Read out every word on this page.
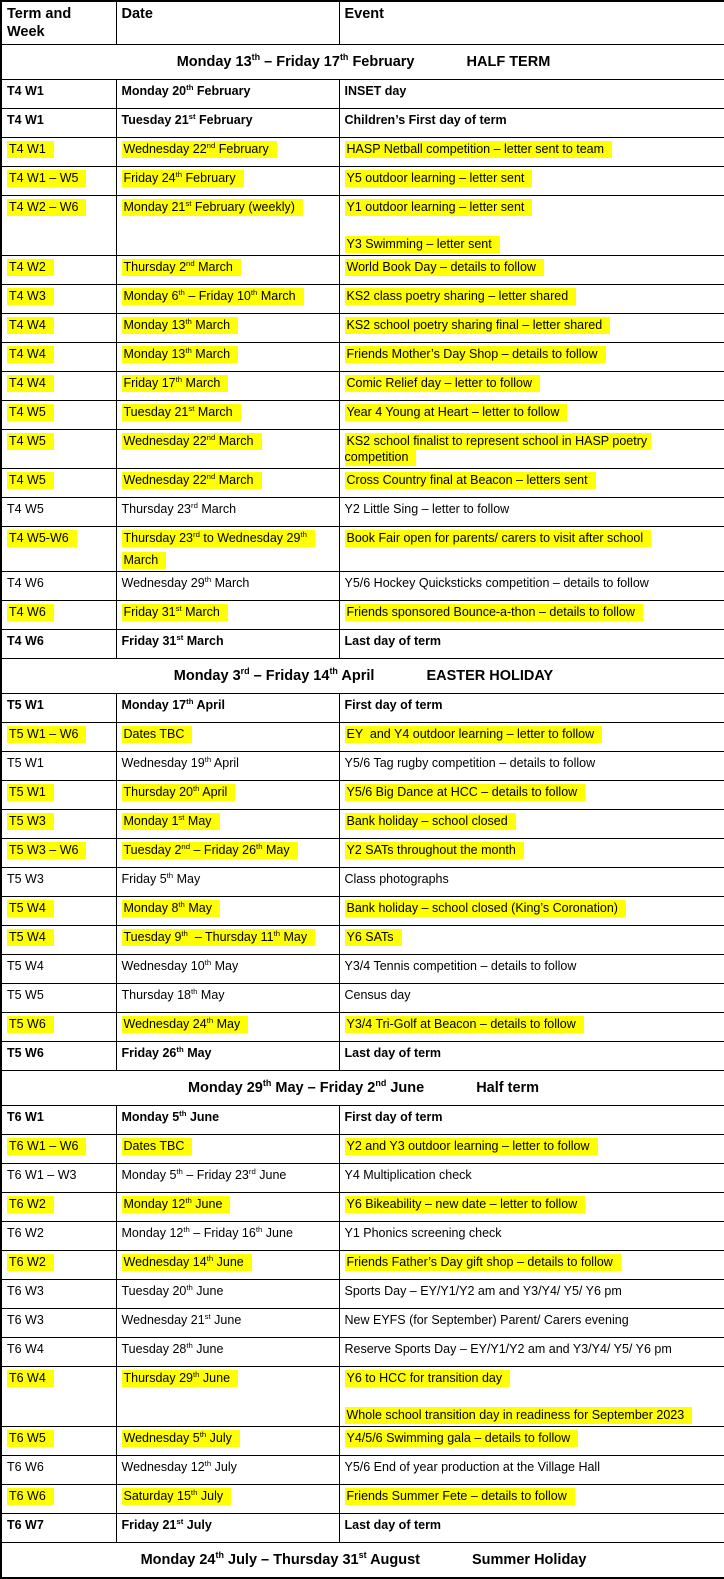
Term and Week	Date	Event
Monday 13th – Friday 17th February HALF TERM		

T4 W1	Monday 20th February	INSET day

T4 W1	Tuesday 21st February	Children’s First day of term

T4 W1	Wednesday 22nd February	HASP Netball competition – letter sent to team

T4 W1 – W5	Friday 24th February	Y5 outdoor learning – letter sent

T4 W2 – W6	Monday 21st February (weekly)	Y1 outdoor learning – letter sent
Y3 Swimming – letter sent

T4 W2	Thursday 2nd March	World Book Day – details to follow

T4 W3	Monday 6th – Friday 10th March	KS2 class poetry sharing – letter shared

T4 W4	Monday 13th March	KS2 school poetry sharing final – letter shared

T4 W4	Monday 13th March	Friends Mother’s Day Shop – details to follow

T4 W4	Friday 17th March	Comic Relief day – letter to follow

T4 W5	Tuesday 21st March	Year 4 Young at Heart – letter to follow

T4 W5	Wednesday 22nd March	KS2 school finalist to represent school in HASP poetry competition

T4 W5	Wednesday 22nd March	Cross Country final at Beacon – letters sent

T4 W5	Thursday 23rd March	Y2 Little Sing – letter to follow

T4 W5-W6	Thursday 23rd to Wednesday 29th
March	Book Fair open for parents/ carers to visit after school

T4 W6	Wednesday 29th March	Y5/6 Hockey Quicksticks competition – details to follow

T4 W6	Friday 31st March	Friends sponsored Bounce-a-thon – details to follow

T4 W6	Friday 31st March	Last day of term

Monday 3rd – Friday 14th April EASTER HOLIDAY		

T5 W1	Monday 17th April	First day of term

T5 W1 – W6	Dates TBC	EY  and Y4 outdoor learning – letter to follow

T5 W1	Wednesday 19th April	Y5/6 Tag rugby competition – details to follow

T5 W1	Thursday 20th April	Y5/6 Big Dance at HCC – details to follow

T5 W3	Monday 1st May	Bank holiday – school closed

T5 W3 – W6	Tuesday 2nd – Friday 26th May	Y2 SATs throughout the month

T5 W3	Friday 5th May	Class photographs

T5 W4	Monday 8th May	Bank holiday – school closed (King’s Coronation)

T5 W4	Tuesday 9th  – Thursday 11th May	Y6 SATs

T5 W4	Wednesday 10th May	Y3/4 Tennis competition – details to follow

T5 W5	Thursday 18th May	Census day

T5 W6	Wednesday 24th May	Y3/4 Tri-Golf at Beacon – details to follow

T5 W6	Friday 26th May	Last day of term

Monday 29th May – Friday 2nd June Half term		

T6 W1	Monday 5th June	First day of term

T6 W1 – W6	Dates TBC	Y2 and Y3 outdoor learning – letter to follow

T6 W1 – W3	Monday 5th – Friday 23rd June	Y4 Multiplication check

T6 W2	Monday 12th June	Y6 Bikeability – new date – letter to follow

T6 W2	Monday 12th – Friday 16th June	Y1 Phonics screening check

T6 W2	Wednesday 14th June	Friends Father’s Day gift shop – details to follow

T6 W3	Tuesday 20th June	Sports Day – EY/Y1/Y2 am and Y3/Y4/ Y5/ Y6 pm

T6 W3	Wednesday 21st June	New EYFS (for September) Parent/ Carers evening

T6 W4	Tuesday 28th June	Reserve Sports Day – EY/Y1/Y2 am and Y3/Y4/ Y5/ Y6 pm

T6 W4	Thursday 29th June	Y6 to HCC for transition day
Whole school transition day in readiness for September 2023

T6 W5	Wednesday 5th July	Y4/5/6 Swimming gala – details to follow

T6 W6	Wednesday 12th July	Y5/6 End of year production at the Village Hall

T6 W6	Saturday 15th July	Friends Summer Fete – details to follow

T6 W7	Friday 21st July	Last day of term

Monday 24th July – Thursday 31st August Summer Holiday		
